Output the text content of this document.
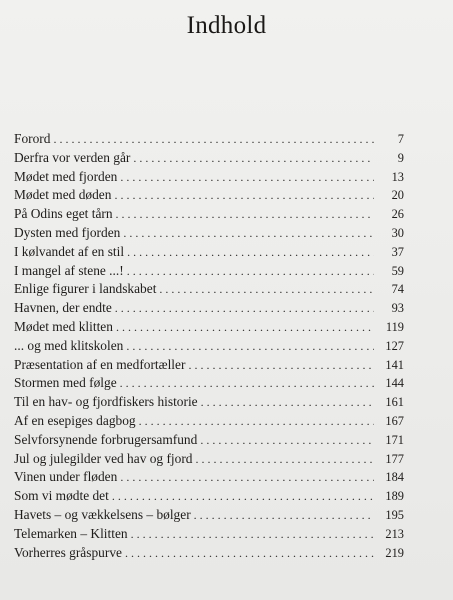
Indhold
Forord . . .	7
Derfra vor verden går . . .	9
Mødet med fjorden . . .	13
Mødet med døden . . .	20
På Odins eget tårn . . .	26
Dysten med fjorden . . .	30
I kølvandet af en stil . . .	37
I mangel af stene ...! . . .	59
Enlige figurer i landskabet . . .	74
Havnen, der endte . . .	93
Mødet med klitten . . .	119
... og med klitskolen . . .	127
Præsentation af en medfortæller . . .	141
Stormen med følge . . .	144
Til en hav- og fjordfiskers historie . . .	161
Af en esepiges dagbog . . .	167
Selvforsynende forbrugersamfund . . .	171
Jul og julegilder ved hav og fjord . . .	177
Vinen under fløden . . .	184
Som vi mødte det . . .	189
Havets – og vækkelsens – bølger . . .	195
Telemarken – Klitten . . .	213
Vorherres gråspurve . . .	219
